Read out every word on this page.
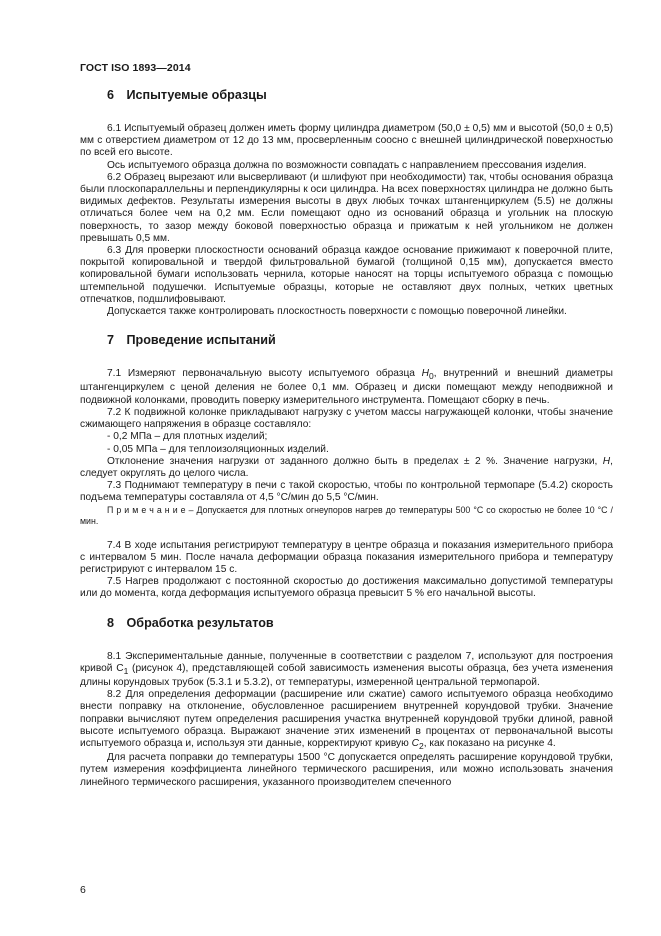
ГОСТ ISO 1893—2014
6 Испытуемые образцы

6.1 Испытуемый образец должен иметь форму цилиндра диаметром (50,0 ± 0,5) мм и высотой (50,0 ± 0,5) мм с отверстием диаметром от 12 до 13 мм, просверленным соосно с внешней цилиндрической поверхностью по всей его высоте.

Ось испытуемого образца должна по возможности совпадать с направлением прессования изделия.

6.2 Образец вырезают или высверливают (и шлифуют при необходимости) так, чтобы основания образца были плоскопараллельны и перпендикулярны к оси цилиндра. На всех поверхностях цилиндра не должно быть видимых дефектов. Результаты измерения высоты в двух любых точках штангенциркулем (5.5) не должны отличаться более чем на 0,2 мм. Если помещают одно из оснований образца и угольник на плоскую поверхность, то зазор между боковой поверхностью образца и прижатым к ней угольником не должен превышать 0,5 мм.

6.3 Для проверки плоскостности оснований образца каждое основание прижимают к поверочной плите, покрытой копировальной и твердой фильтровальной бумагой (толщиной 0,15 мм), допускается вместо копировальной бумаги использовать чернила, которые наносят на торцы испытуемого образца с помощью штемпельной подушечки. Испытуемые образцы, которые не оставляют двух полных, четких цветных отпечатков, подшлифовывают.

Допускается также контролировать плоскостность поверхности с помощью поверочной линейки.

7 Проведение испытаний

7.1 Измеряют первоначальную высоту испытуемого образца $H_0$, внутренний и внешний диаметры штангенциркулем с ценой деления не более 0,1 мм. Образец и диски помещают между неподвижной и подвижной колонками, проводить поверку измерительного инструмента. Помещают сборку в печь.

7.2 К подвижной колонке прикладывают нагрузку с учетом массы нагружающей колонки, чтобы значение сжимающего напряжения в образце составляло:

- 0,2 МПа – для плотных изделий;

- 0,05 МПа – для теплоизоляционных изделий.

Отклонение значения нагрузки от заданного должно быть в пределах ± 2 %. Значение нагрузки, H, следует округлять до целого числа.

7.3 Поднимают температуру в печи с такой скоростью, чтобы по контрольной термопаре (5.4.2) скорость подъема температуры составляла от 4,5 °С/мин до 5,5 °С/мин.

П р и м е ч а н и е – Допускается для плотных огнеупоров нагрев до температуры 500 °С со скоростью не более 10 °С /мин.

7.4 В ходе испытания регистрируют температуру в центре образца и показания измерительного прибора с интервалом 5 мин. После начала деформации образца показания измерительного прибора и температуру регистрируют с интервалом 15 с.

7.5 Нагрев продолжают с постоянной скоростью до достижения максимально допустимой температуры или до момента, когда деформация испытуемого образца превысит 5 % его начальной высоты.

8 Обработка результатов

8.1 Экспериментальные данные, полученные в соответствии с разделом 7, используют для построения кривой $С_1$ (рисунок 4), представляющей собой зависимость изменения высоты образца, без учета изменения длины корундовых трубок (5.3.1 и 5.3.2), от температуры, измеренной центральной термопарой.

8.2 Для определения деформации (расширение или сжатие) самого испытуемого образца необходимо внести поправку на отклонение, обусловленное расширением внутренней корундовой трубки. Значение поправки вычисляют путем определения расширения участка внутренней корундовой трубки длиной, равной высоте испытуемого образца. Выражают значение этих изменений в процентах от первоначальной высоты испытуемого образца и, используя эти данные, корректируют кривую $С_2$, как показано на рисунке 4.

Для расчета поправки до температуры 1500 °С допускается определять расширение корундовой трубки, путем измерения коэффициента линейного термического расширения, или можно использовать значения линейного термического расширения, указанного производителем спеченного

6
